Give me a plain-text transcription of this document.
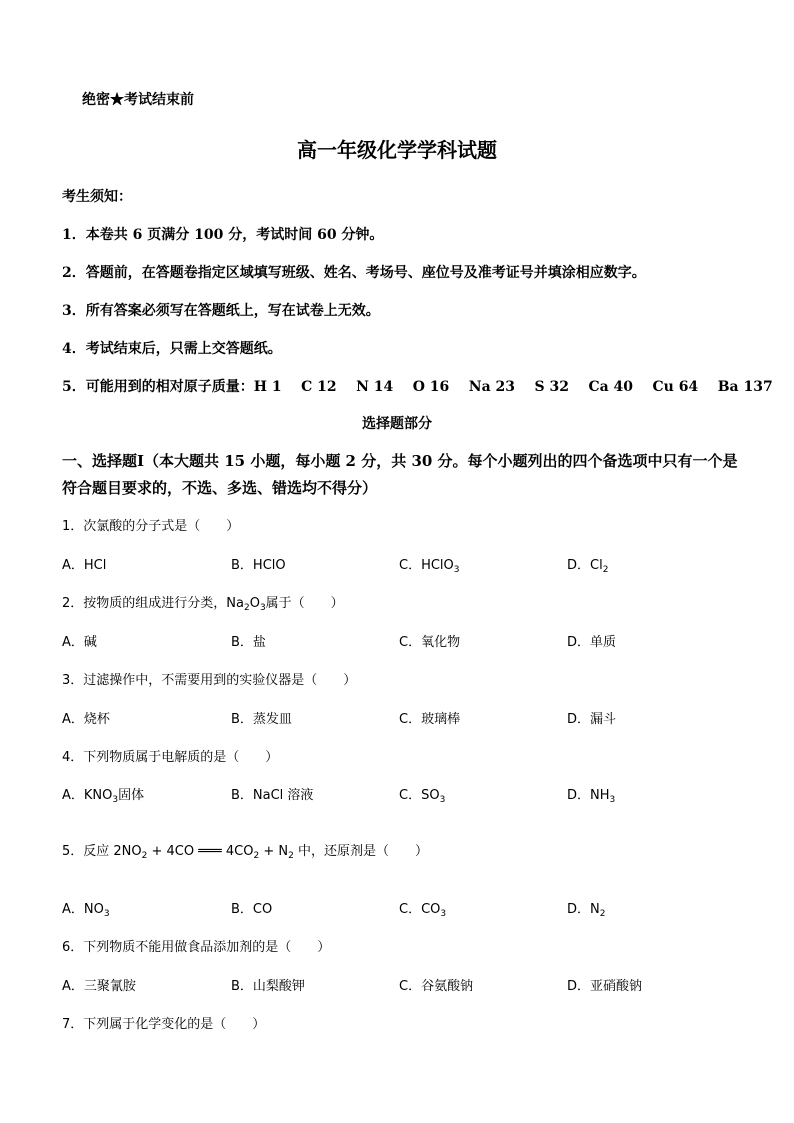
绝密★考试结束前
高一年级化学学科试题
考生须知：
1．本卷共 6 页满分 100 分，考试时间 60 分钟。
2．答题前，在答题卷指定区域填写班级、姓名、考场号、座位号及准考证号并填涂相应数字。
3．所有答案必须写在答题纸上，写在试卷上无效。
4．考试结束后，只需上交答题纸。
5．可能用到的相对原子质量：H 1    C 12    N 14    O 16    Na 23    S 32    Ca 40    Cu 64    Ba 137
选择题部分
一、选择题Ⅰ（本大题共 15 小题，每小题 2 分，共 30 分。每个小题列出的四个备选项中只有一个是符合题目要求的，不选、多选、错选均不得分）
1．次氯酸的分子式是（　　）
A．HCl	B．HClO	C．HClO$_3$	D．$Cl_2$
2．按物质的组成进行分类，$Na_2O_3$属于（　　）
A．碱	B．盐	C．氧化物	D．单质
3．过滤操作中，不需要用到的实验仪器是（　　）
A．烧杯	B．蒸发皿	C．玻璃棒	D．漏斗
4．下列物质属于电解质的是（　　）
A．$KNO_3$固体	B．NaCl 溶液	C．$SO_3$	D．$NH_3$
5．反应 $2NO_2 + 4CO$ ═══ $4CO_2 + N_2$ 中，还原剂是（　　）
A．$NO_3$	B．CO	C．$CO_3$	D．$N_2$
6．下列物质不能用做食品添加剂的是（　　）
A．三聚氰胺	B．山梨酸钾	C．谷氨酸钠	D．亚硝酸钠
7．下列属于化学变化的是（　　）
